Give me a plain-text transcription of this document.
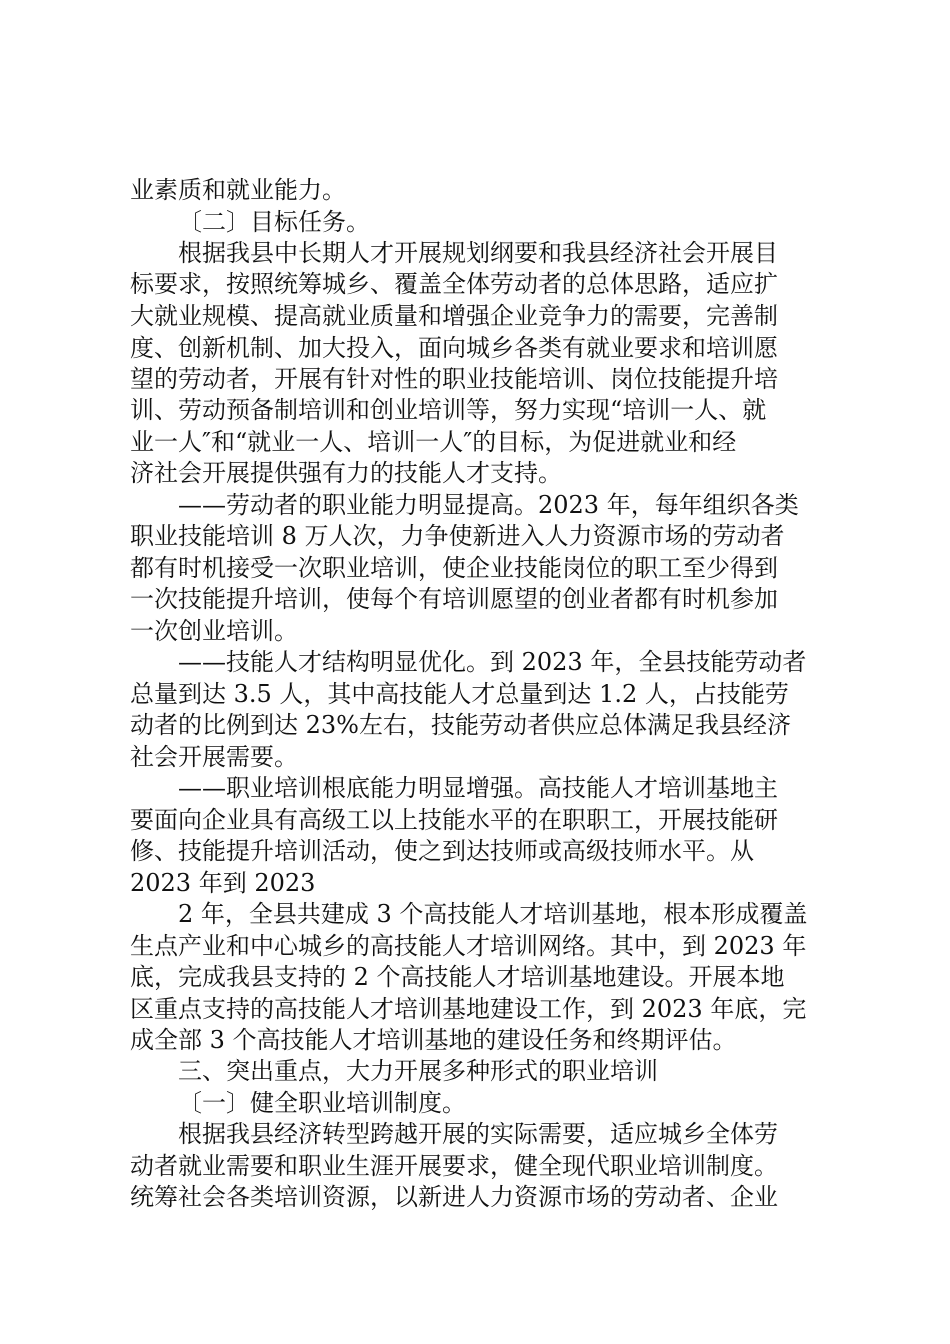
业素质和就业能力。

〔二〕目标任务。

根据我县中长期人才开展规划纲要和我县经济社会开展目

标要求，按照统筹城乡、覆盖全体劳动者的总体思路，适应扩

大就业规模、提高就业质量和增强企业竞争力的需要，完善制

度、创新机制、加大投入，面向城乡各类有就业要求和培训愿

望的劳动者，开展有针对性的职业技能培训、岗位技能提升培

训、劳动预备制培训和创业培训等，努力实现“培训一人、就

业一人″和“就业一人、培训一人″的目标，为促进就业和经

济社会开展提供强有力的技能人才支持。

——劳动者的职业能力明显提高。2023 年，每年组织各类

职业技能培训 8 万人次，力争使新进入人力资源市场的劳动者

都有时机接受一次职业培训，使企业技能岗位的职工至少得到

一次技能提升培训，使每个有培训愿望的创业者都有时机参加

一次创业培训。

——技能人才结构明显优化。到 2023 年，全县技能劳动者

总量到达 3.5 人，其中高技能人才总量到达 1.2 人，占技能劳

动者的比例到达 23%左右，技能劳动者供应总体满足我县经济

社会开展需要。

——职业培训根底能力明显增强。高技能人才培训基地主

要面向企业具有高级工以上技能水平的在职职工，开展技能研

修、技能提升培训活动，使之到达技师或高级技师水平。从

2023 年到 2023

2 年，全县共建成 3 个高技能人才培训基地，根本形成覆盖

生点产业和中心城乡的高技能人才培训网络。其中，到 2023 年

底，完成我县支持的 2 个高技能人才培训基地建设。开展本地

区重点支持的高技能人才培训基地建设工作，到 2023 年底，完

成全部 3 个高技能人才培训基地的建设任务和终期评估。

三、突出重点，大力开展多种形式的职业培训

〔一〕健全职业培训制度。

根据我县经济转型跨越开展的实际需要，适应城乡全体劳

动者就业需要和职业生涯开展要求，健全现代职业培训制度。

统筹社会各类培训资源，以新进人力资源市场的劳动者、企业
